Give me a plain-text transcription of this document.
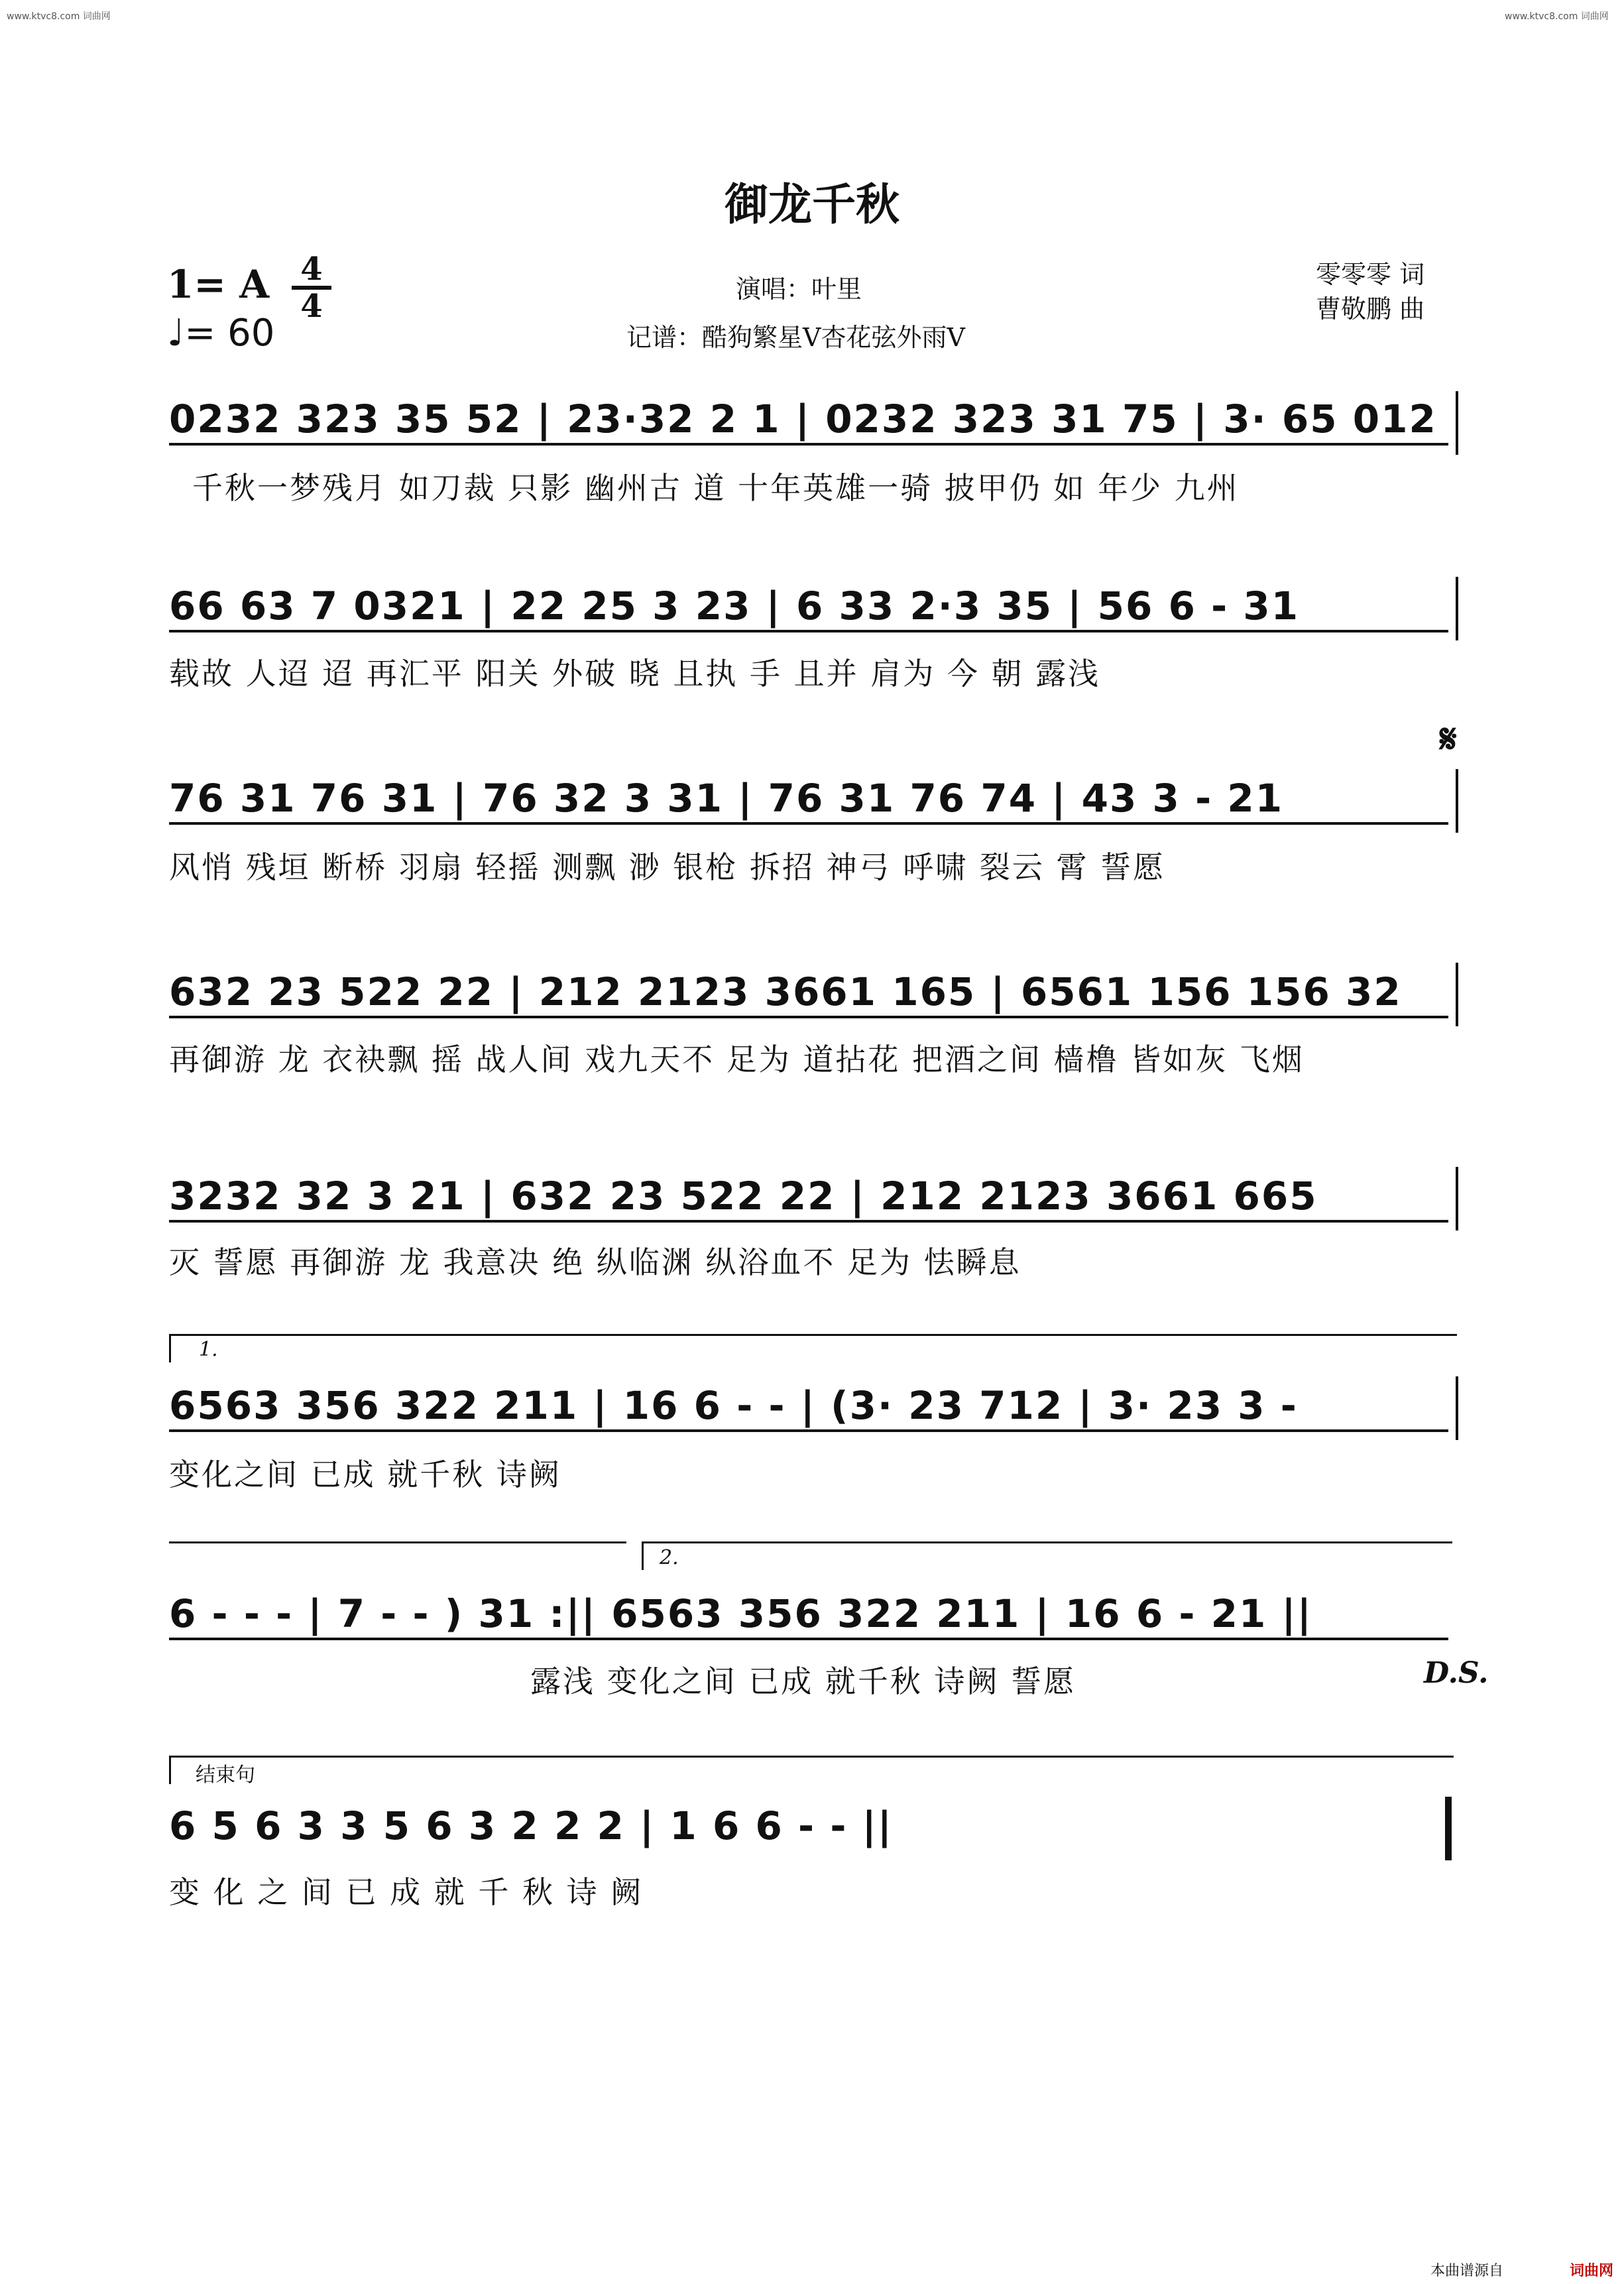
www.ktvc8.com 词曲网	www.ktvc8.com 词曲网
御龙千秋
1= A 4
4
♩= 60
演唱：叶里
记谱：酷狗繁星V杏花弦外雨V
零零零 词
曹敬鹏 曲
0232 323 35 52 | 23·32 2 1 | 0232 323 31 75 | 3· 65 012
千秋一梦残月 如刀裁 只影 幽州古 道 十年英雄一骑 披甲仍 如 年少 九州
66 63 7 0321 | 22 25 3 23 | 6 33 2·3 35 | 56 6 - 31
载故 人迢 迢 再汇平 阳关 外破 晓 且执 手 且并 肩为 今 朝 露浅
𝄋
76 31 76 31 | 76 32 3 31 | 76 31 76 74 | 43 3 - 21
风悄 残垣 断桥 羽扇 轻摇 测飘 渺 银枪 拆招 神弓 呼啸 裂云 霄 誓愿
632 23 522 22 | 212 2123 3661 165 | 6561 156 156 32
再御游 龙 衣袂飘 摇 战人间 戏九天不 足为 道拈花 把酒之间 樯橹 皆如灰 飞烟
3232 32 3 21 | 632 23 522 22 | 212 2123 3661 665
灭 誓愿 再御游 龙 我意决 绝 纵临渊 纵浴血不 足为 怯瞬息
1.
6563 356 322 211 | 16 6 - - | (3· 23 712 | 3· 23 3 -
变化之间 已成 就千秋 诗阙
2.
6 - - - | 7 - - ) 31 :|| 6563 356 322 211 | 16 6 - 21 ||
露浅 变化之间 已成 就千秋 诗阙 誓愿	D.S.
结束句
6 5 6 3 3 5 6 3 2 2 2 | 1 6 6 - - ||
变 化 之 间 已 成 就 千 秋 诗 阙
本曲谱源自	词曲网
